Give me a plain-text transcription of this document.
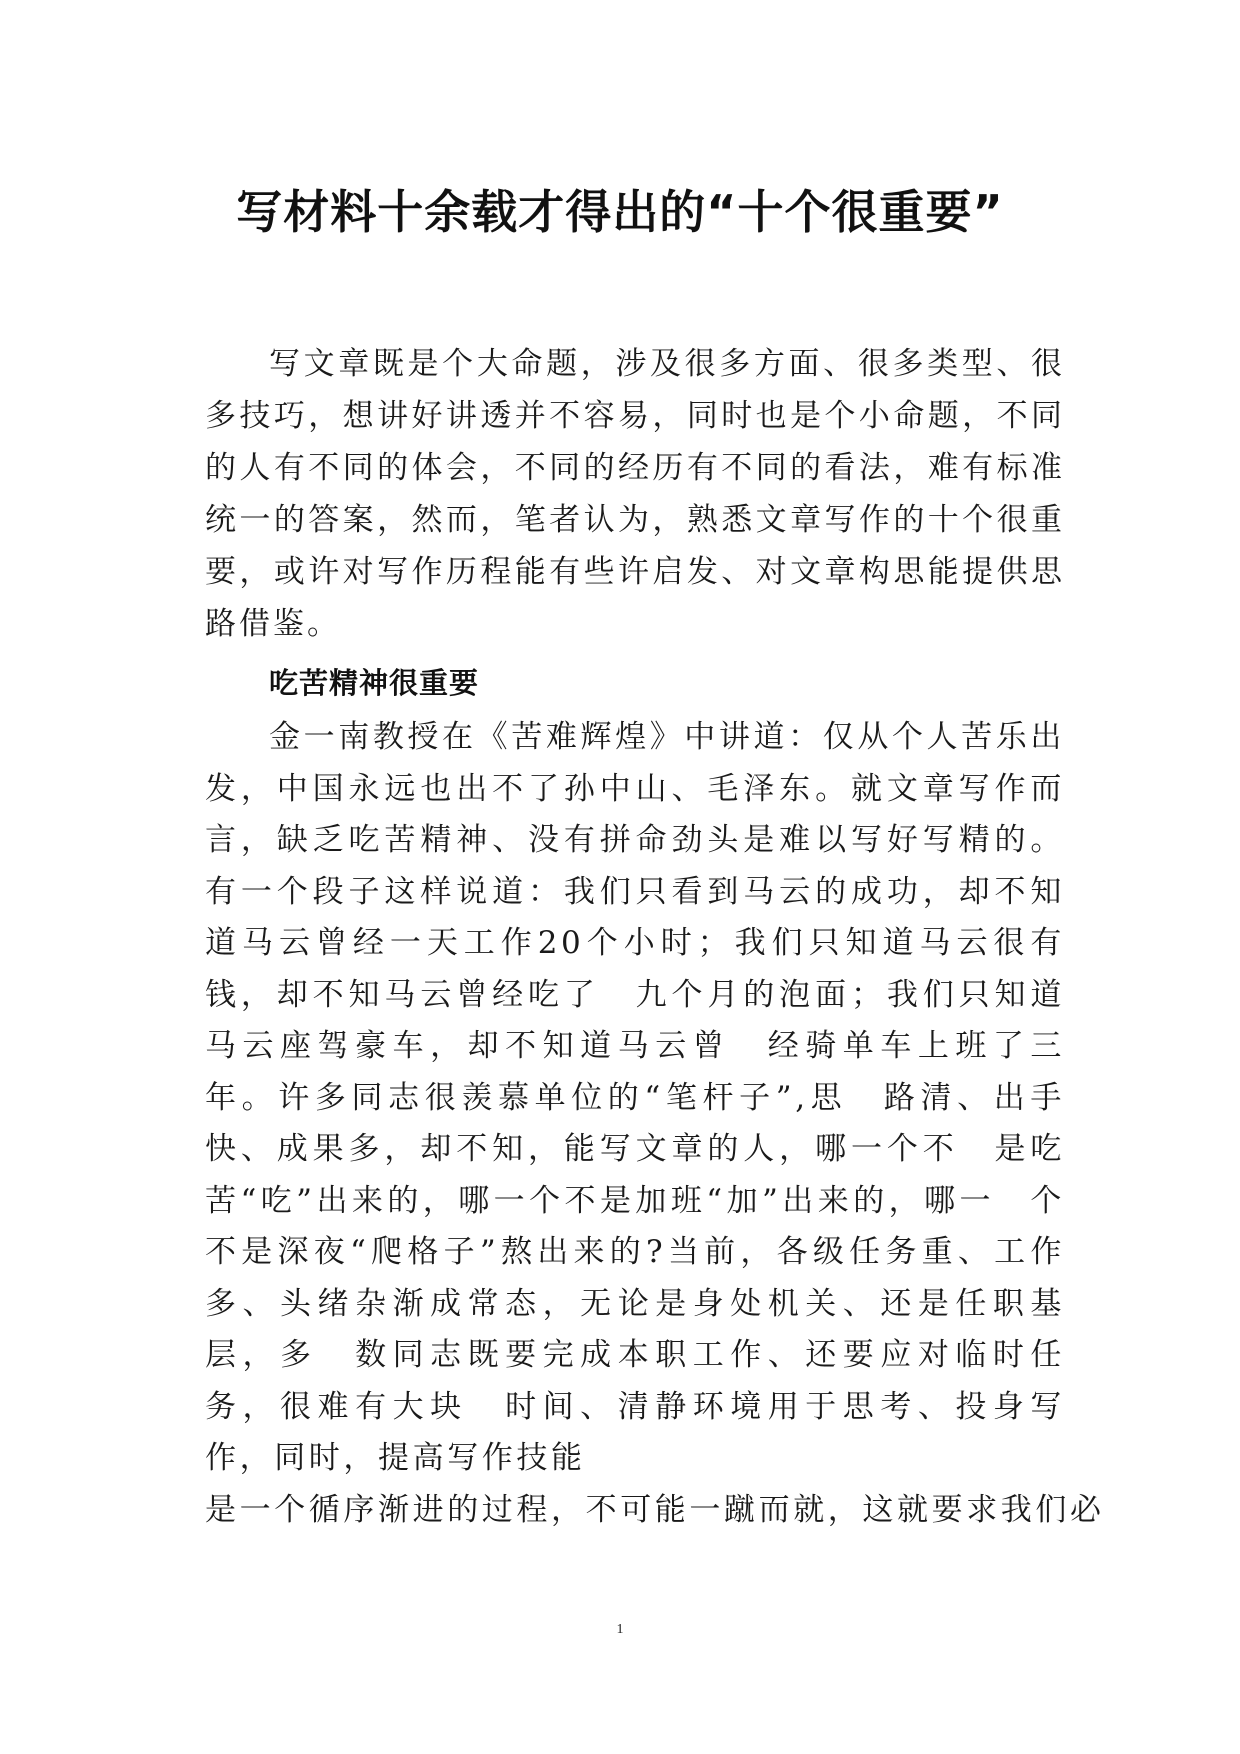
写材料十余载才得出的“十个很重要”

写文章既是个大命题，涉及很多方面、很多类型、很多技巧，想讲好讲透并不容易，同时也是个小命题，不同的人有不同的体会，不同的经历有不同的看法，难有标准统一的答案，然而，笔者认为，熟悉文章写作的十个很重要，或许对写作历程能有些许启发、对文章构思能提供思路借鉴。

吃苦精神很重要

金一南教授在《苦难辉煌》中讲道：仅从个人苦乐出发，中国永远也出不了孙中山、毛泽东。就文章写作而言，缺乏吃苦精神、没有拼命劲头是难以写好写精的。有一个段子这样说道：我们只看到马云的成功，却不知道马云曾经一天工作20个小时；我们只知道马云很有钱，却不知马云曾经吃了　九个月的泡面；我们只知道马云座驾豪车，却不知道马云曾　经骑单车上班了三年。许多同志很羡慕单位的“笔杆子”,思　路清、出手快、成果多，却不知，能写文章的人，哪一个不　是吃苦“吃”出来的，哪一个不是加班“加”出来的，哪一　个不是深夜“爬格子”熬出来的?当前，各级任务重、工作　多、头绪杂渐成常态，无论是身处机关、还是任职基层，多　数同志既要完成本职工作、还要应对临时任务，很难有大块　时间、清静环境用于思考、投身写作，同时，提高写作技能

是一个循序渐进的过程，不可能一蹴而就，这就要求我们必

1
